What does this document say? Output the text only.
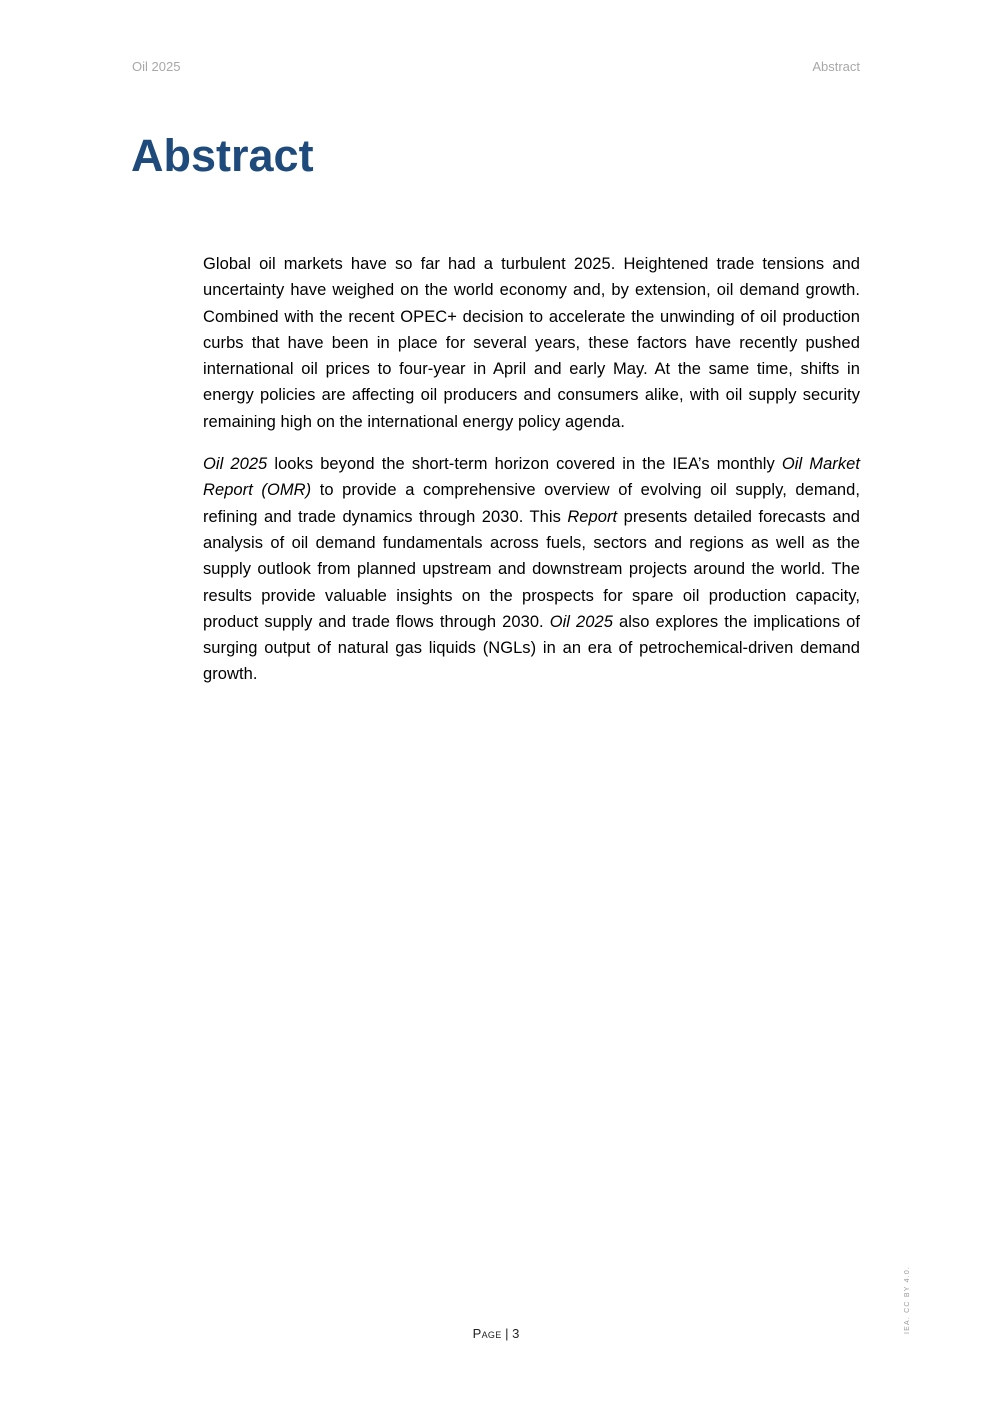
Oil 2025	Abstract
Abstract

Global oil markets have so far had a turbulent 2025. Heightened trade tensions and uncertainty have weighed on the world economy and, by extension, oil demand growth. Combined with the recent OPEC+ decision to accelerate the unwinding of oil production curbs that have been in place for several years, these factors have recently pushed international oil prices to four-year in April and early May. At the same time, shifts in energy policies are affecting oil producers and consumers alike, with oil supply security remaining high on the international energy policy agenda.

Oil 2025 looks beyond the short-term horizon covered in the IEA’s monthly Oil Market Report (OMR) to provide a comprehensive overview of evolving oil supply, demand, refining and trade dynamics through 2030. This Report presents detailed forecasts and analysis of oil demand fundamentals across fuels, sectors and regions as well as the supply outlook from planned upstream and downstream projects around the world. The results provide valuable insights on the prospects for spare oil production capacity, product supply and trade flows through 2030. Oil 2025 also explores the implications of surging output of natural gas liquids (NGLs) in an era of petrochemical-driven demand growth.

Page | 3	IEA. CC BY 4.0.
